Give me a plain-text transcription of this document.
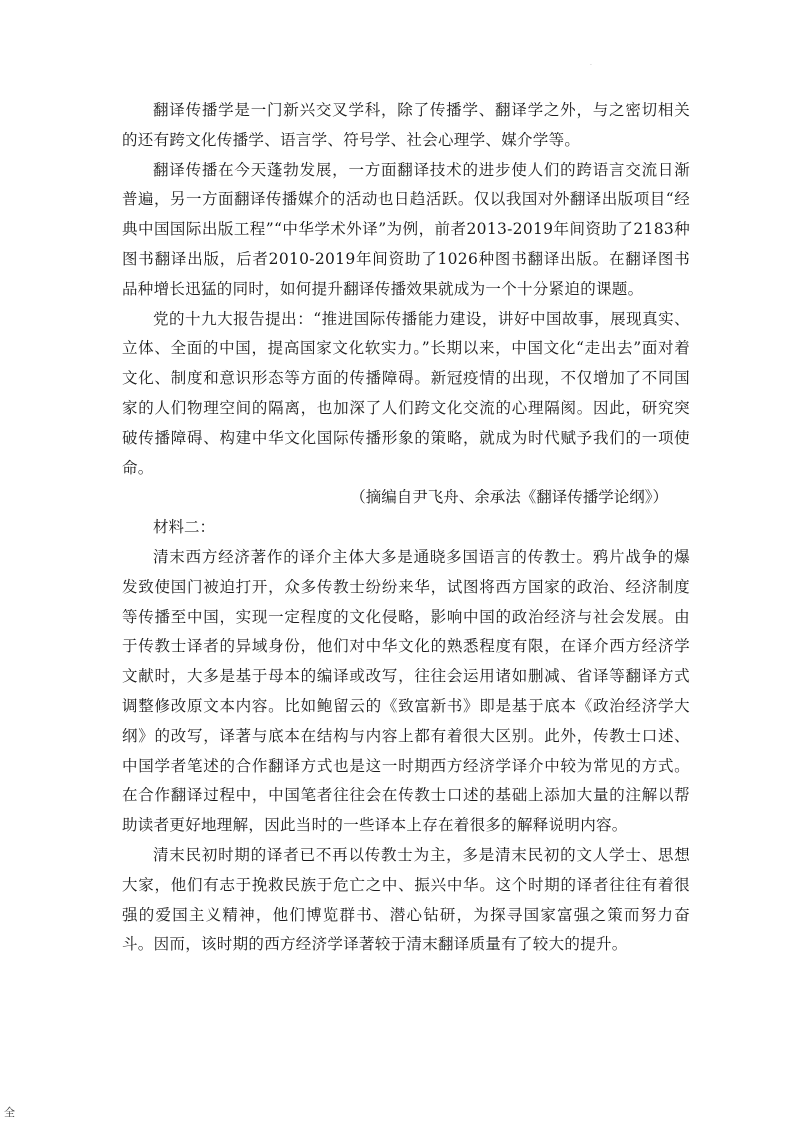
·

翻译传播学是一门新兴交叉学科，除了传播学、翻译学之外，与之密切相关的还有跨文化传播学、语言学、符号学、社会心理学、媒介学等。

翻译传播在今天蓬勃发展，一方面翻译技术的进步使人们的跨语言交流日渐普遍，另一方面翻译传播媒介的活动也日趋活跃。仅以我国对外翻译出版项目“经典中国国际出版工程”“中华学术外译”为例，前者2013-2019年间资助了2183种图书翻译出版，后者2010-2019年间资助了1026种图书翻译出版。在翻译图书品种增长迅猛的同时，如何提升翻译传播效果就成为一个十分紧迫的课题。

党的十九大报告提出：“推进国际传播能力建设，讲好中国故事，展现真实、立体、全面的中国，提高国家文化软实力。”长期以来，中国文化“走出去”面对着文化、制度和意识形态等方面的传播障碍。新冠疫情的出现，不仅增加了不同国家的人们物理空间的隔离，也加深了人们跨文化交流的心理隔阂。因此，研究突破传播障碍、构建中华文化国际传播形象的策略，就成为时代赋予我们的一项使命。

（摘编自尹飞舟、余承法《翻译传播学论纲》）

材料二：

清末西方经济著作的译介主体大多是通晓多国语言的传教士。鸦片战争的爆发致使国门被迫打开，众多传教士纷纷来华，试图将西方国家的政治、经济制度等传播至中国，实现一定程度的文化侵略，影响中国的政治经济与社会发展。由于传教士译者的异域身份，他们对中华文化的熟悉程度有限，在译介西方经济学文献时，大多是基于母本的编译或改写，往往会运用诸如删减、省译等翻译方式调整修改原文本内容。比如鲍留云的《致富新书》即是基于底本《政治经济学大纲》的改写，译著与底本在结构与内容上都有着很大区别。此外，传教士口述、中国学者笔述的合作翻译方式也是这一时期西方经济学译介中较为常见的方式。在合作翻译过程中，中国笔者往往会在传教士口述的基础上添加大量的注解以帮助读者更好地理解，因此当时的一些译本上存在着很多的解释说明内容。

清末民初时期的译者已不再以传教士为主，多是清末民初的文人学士、思想大家，他们有志于挽救民族于危亡之中、振兴中华。这个时期的译者往往有着很强的爱国主义精神，他们博览群书、潜心钻研，为探寻国家富强之策而努力奋斗。因而，该时期的西方经济学译著较于清末翻译质量有了较大的提升。

全
